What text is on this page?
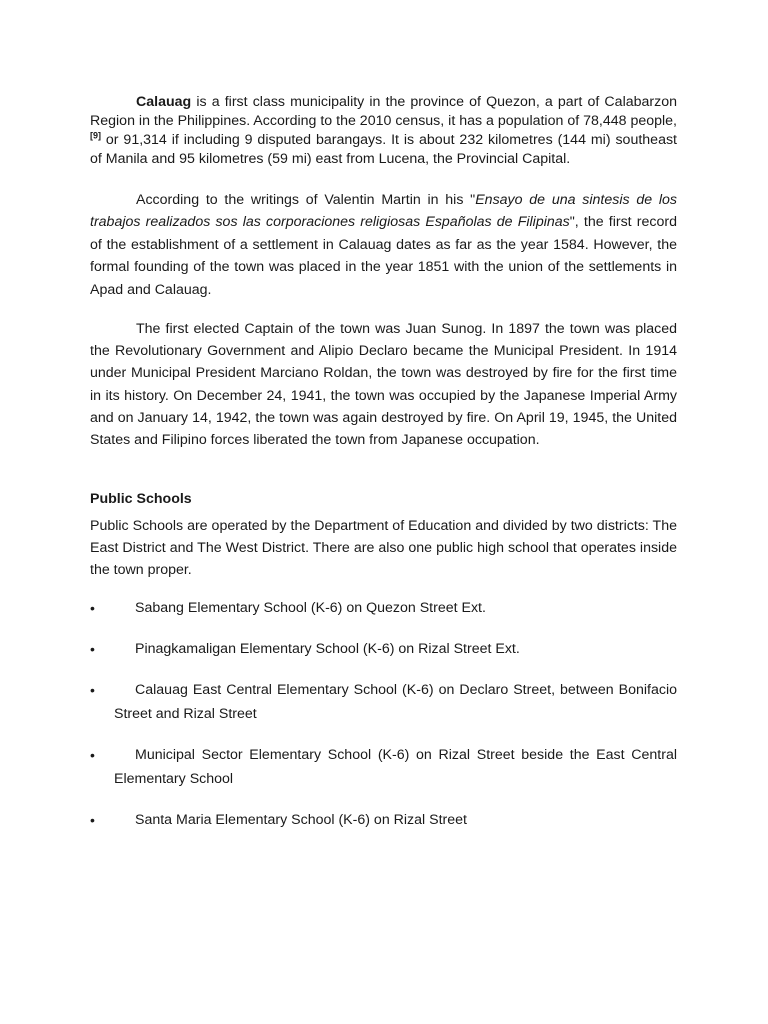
Calauag is a first class municipality in the province of Quezon, a part of Calabarzon Region in the Philippines. According to the 2010 census, it has a population of 78,448 people,[9] or 91,314 if including 9 disputed barangays. It is about 232 kilometres (144 mi) southeast of Manila and 95 kilometres (59 mi) east from Lucena, the Provincial Capital.

According to the writings of Valentin Martin in his "Ensayo de una sintesis de los trabajos realizados sos las corporaciones religiosas Españolas de Filipinas", the first record of the establishment of a settlement in Calauag dates as far as the year 1584. However, the formal founding of the town was placed in the year 1851 with the union of the settlements in Apad and Calauag.

The first elected Captain of the town was Juan Sunog. In 1897 the town was placed the Revolutionary Government and Alipio Declaro became the Municipal President. In 1914 under Municipal President Marciano Roldan, the town was destroyed by fire for the first time in its history. On December 24, 1941, the town was occupied by the Japanese Imperial Army and on January 14, 1942, the town was again destroyed by fire. On April 19, 1945, the United States and Filipino forces liberated the town from Japanese occupation.

Public Schools

Public Schools are operated by the Department of Education and divided by two districts: The East District and The West District. There are also one public high school that operates inside the town proper.

•	Sabang Elementary School (K-6) on Quezon Street Ext.
•	Pinagkamaligan Elementary School (K-6) on Rizal Street Ext.
•	Calauag East Central Elementary School (K-6) on Declaro Street, between Bonifacio Street and Rizal Street
•	Municipal Sector Elementary School (K-6) on Rizal Street beside the East Central Elementary School
•	Santa Maria Elementary School (K-6) on Rizal Street
